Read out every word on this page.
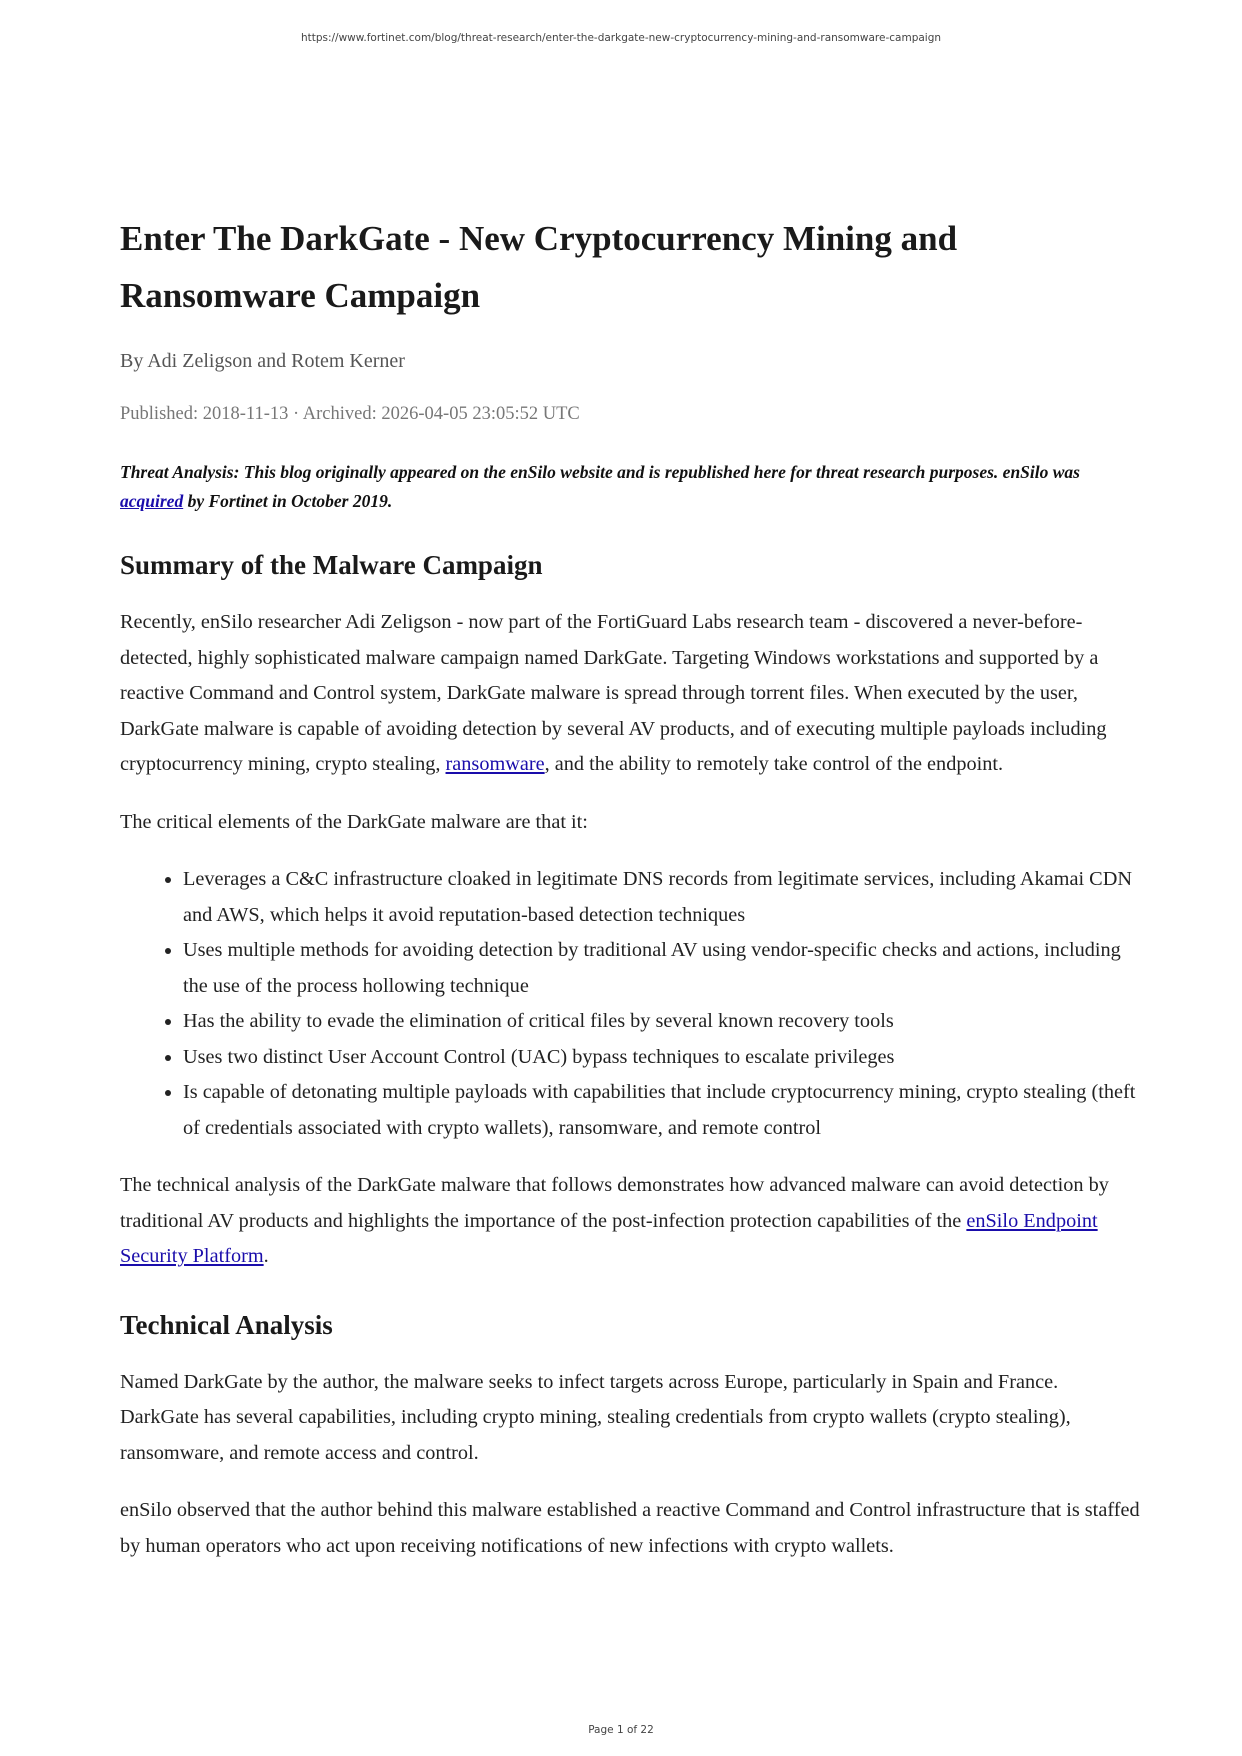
https://www.fortinet.com/blog/threat-research/enter-the-darkgate-new-cryptocurrency-mining-and-ransomware-campaign
Enter The DarkGate - New Cryptocurrency Mining and Ransomware Campaign
By Adi Zeligson and Rotem Kerner
Published: 2018-11-13 · Archived: 2026-04-05 23:05:52 UTC
Threat Analysis: This blog originally appeared on the enSilo website and is republished here for threat research purposes. enSilo was acquired by Fortinet in October 2019.
Summary of the Malware Campaign

Recently, enSilo researcher Adi Zeligson - now part of the FortiGuard Labs research team - discovered a never-before-detected, highly sophisticated malware campaign named DarkGate. Targeting Windows workstations and supported by a reactive Command and Control system, DarkGate malware is spread through torrent files. When executed by the user, DarkGate malware is capable of avoiding detection by several AV products, and of executing multiple payloads including cryptocurrency mining, crypto stealing, ransomware, and the ability to remotely take control of the endpoint.

The critical elements of the DarkGate malware are that it:

• Leverages a C&C infrastructure cloaked in legitimate DNS records from legitimate services, including Akamai CDN and AWS, which helps it avoid reputation-based detection techniques
• Uses multiple methods for avoiding detection by traditional AV using vendor-specific checks and actions, including the use of the process hollowing technique
• Has the ability to evade the elimination of critical files by several known recovery tools
• Uses two distinct User Account Control (UAC) bypass techniques to escalate privileges
• Is capable of detonating multiple payloads with capabilities that include cryptocurrency mining, crypto stealing (theft of credentials associated with crypto wallets), ransomware, and remote control

The technical analysis of the DarkGate malware that follows demonstrates how advanced malware can avoid detection by traditional AV products and highlights the importance of the post-infection protection capabilities of the enSilo Endpoint Security Platform.

Technical Analysis

Named DarkGate by the author, the malware seeks to infect targets across Europe, particularly in Spain and France. DarkGate has several capabilities, including crypto mining, stealing credentials from crypto wallets (crypto stealing), ransomware, and remote access and control.

enSilo observed that the author behind this malware established a reactive Command and Control infrastructure that is staffed by human operators who act upon receiving notifications of new infections with crypto wallets.

Page 1 of 22
